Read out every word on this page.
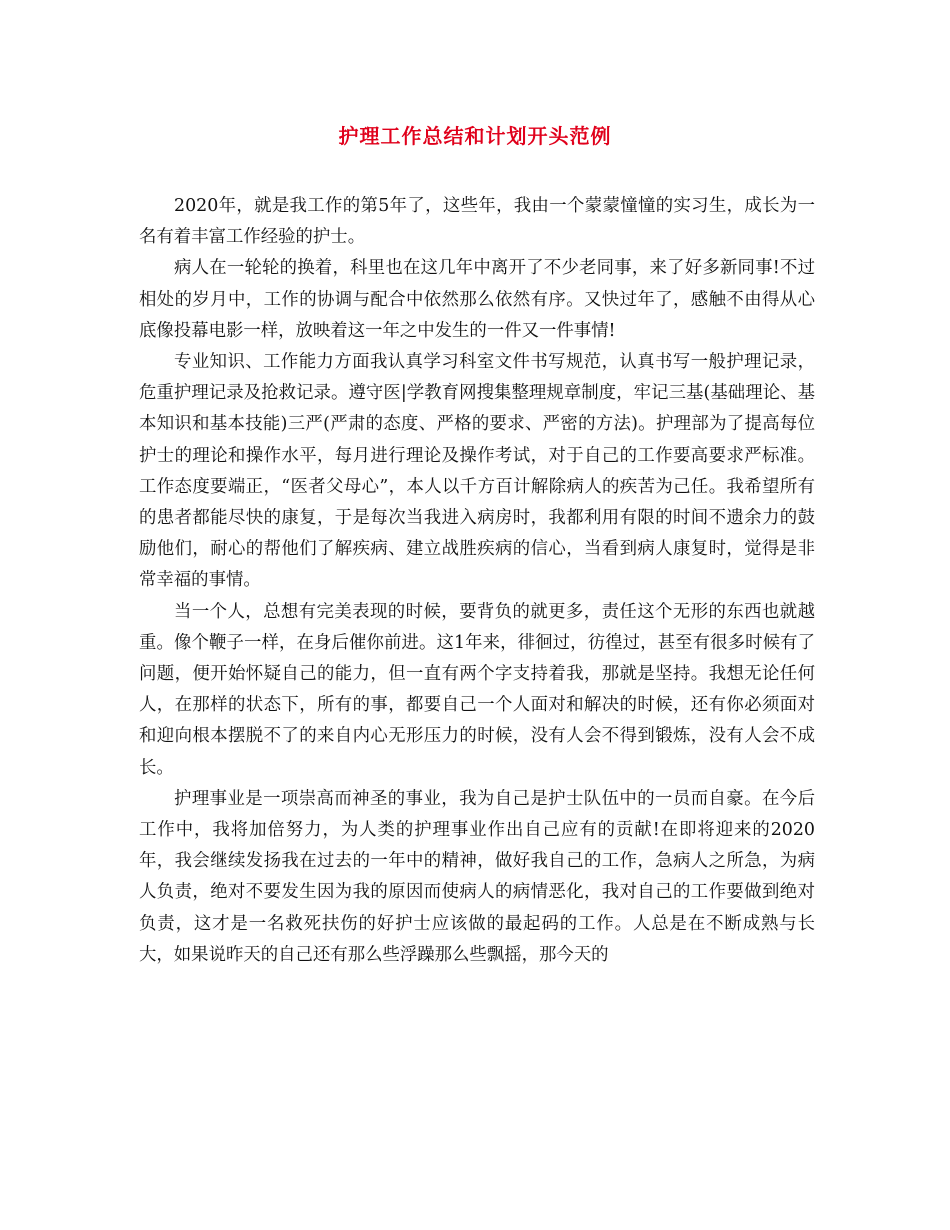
护理工作总结和计划开头范例

2020年，就是我工作的第5年了，这些年，我由一个蒙蒙憧憧的实习生，成长为一名有着丰富工作经验的护士。

病人在一轮轮的换着，科里也在这几年中离开了不少老同事，来了好多新同事!不过相处的岁月中，工作的协调与配合中依然那么依然有序。又快过年了，感触不由得从心底像投幕电影一样，放映着这一年之中发生的一件又一件事情!

专业知识、工作能力方面我认真学习科室文件书写规范，认真书写一般护理记录，危重护理记录及抢救记录。遵守医|学教育网搜集整理规章制度，牢记三基(基础理论、基本知识和基本技能)三严(严肃的态度、严格的要求、严密的方法)。护理部为了提高每位护士的理论和操作水平，每月进行理论及操作考试，对于自己的工作要高要求严标准。工作态度要端正，“医者父母心”，本人以千方百计解除病人的疾苦为己任。我希望所有的患者都能尽快的康复，于是每次当我进入病房时，我都利用有限的时间不遗余力的鼓励他们，耐心的帮他们了解疾病、建立战胜疾病的信心，当看到病人康复时，觉得是非常幸福的事情。

当一个人，总想有完美表现的时候，要背负的就更多，责任这个无形的东西也就越重。像个鞭子一样，在身后催你前进。这1年来，徘徊过，彷徨过，甚至有很多时候有了问题，便开始怀疑自己的能力，但一直有两个字支持着我，那就是坚持。我想无论任何人，在那样的状态下，所有的事，都要自己一个人面对和解决的时候，还有你必须面对和迎向根本摆脱不了的来自内心无形压力的时候，没有人会不得到锻炼，没有人会不成长。

护理事业是一项崇高而神圣的事业，我为自己是护士队伍中的一员而自豪。在今后工作中，我将加倍努力，为人类的护理事业作出自己应有的贡献!在即将迎来的2020年，我会继续发扬我在过去的一年中的精神，做好我自己的工作，急病人之所急，为病人负责，绝对不要发生因为我的原因而使病人的病情恶化，我对自己的工作要做到绝对负责，这才是一名救死扶伤的好护士应该做的最起码的工作。人总是在不断成熟与长大，如果说昨天的自己还有那么些浮躁那么些飘摇，那今天的
